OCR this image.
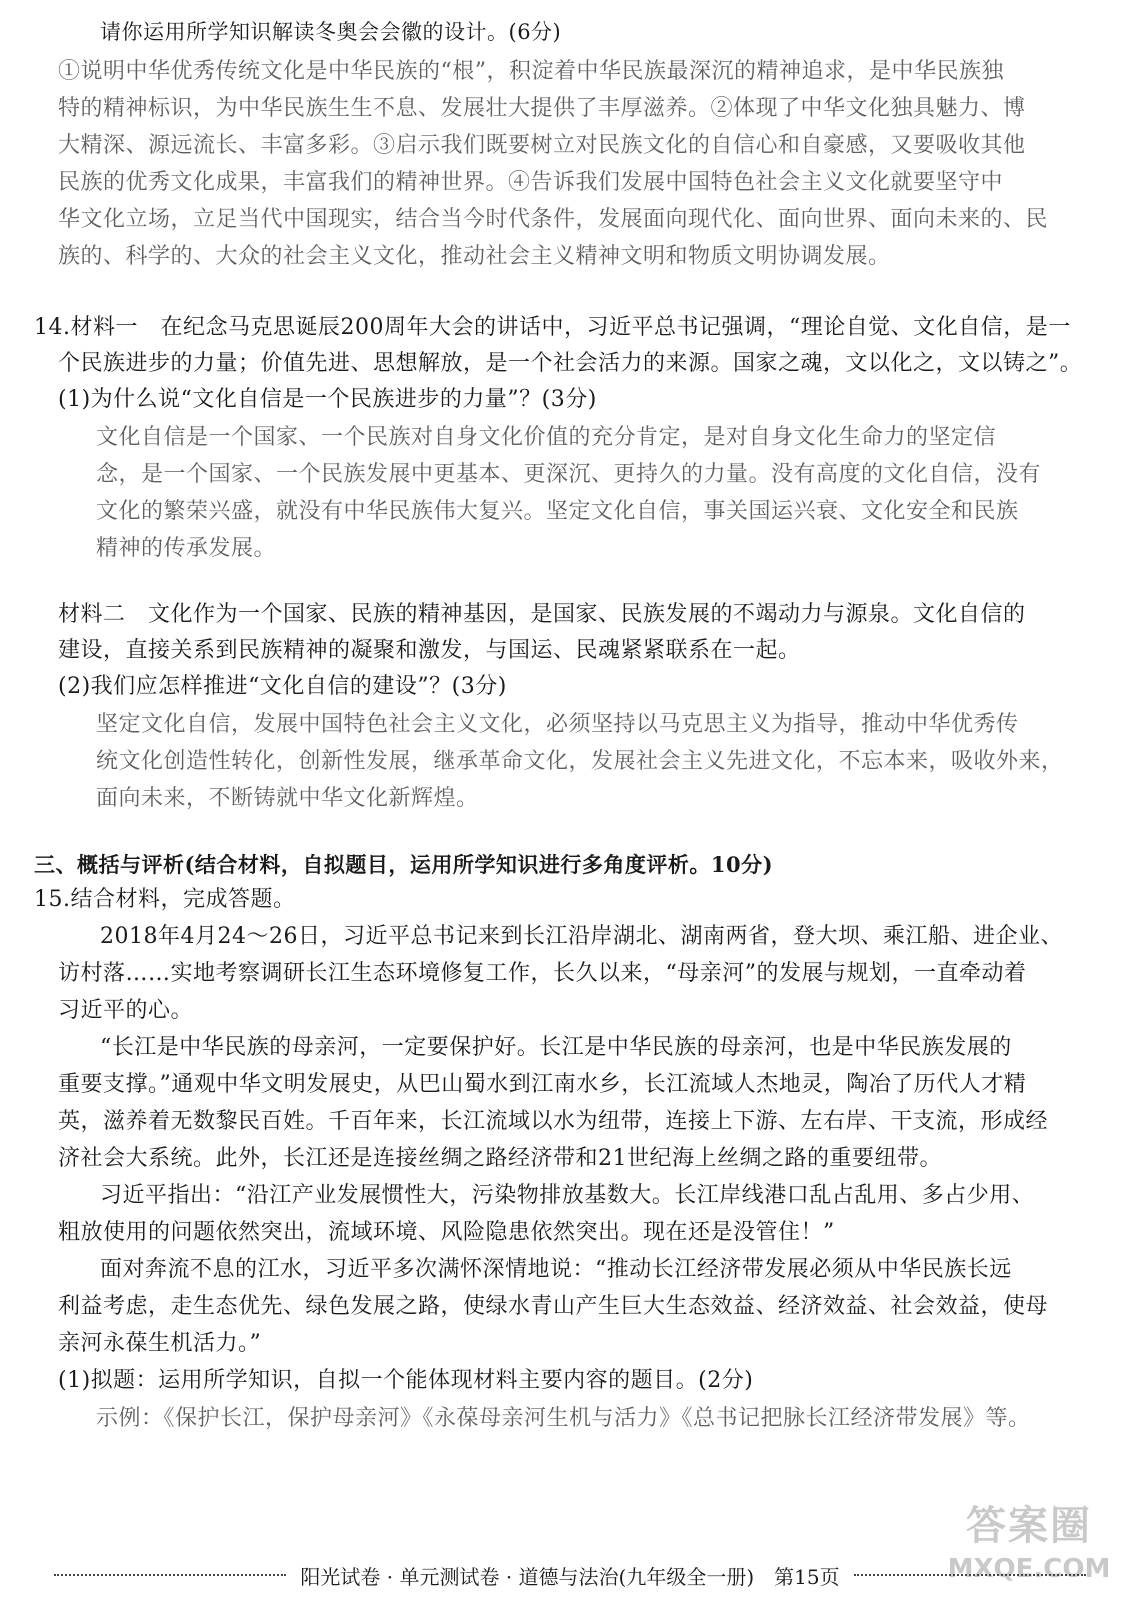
请你运用所学知识解读冬奥会会徽的设计。(6分)
①说明中华优秀传统文化是中华民族的“根”，积淀着中华民族最深沉的精神追求，是中华民族独
特的精神标识，为中华民族生生不息、发展壮大提供了丰厚滋养。②体现了中华文化独具魅力、博
大精深、源远流长、丰富多彩。③启示我们既要树立对民族文化的自信心和自豪感，又要吸收其他
民族的优秀文化成果，丰富我们的精神世界。④告诉我们发展中国特色社会主义文化就要坚守中
华文化立场，立足当代中国现实，结合当今时代条件，发展面向现代化、面向世界、面向未来的、民
族的、科学的、大众的社会主义文化，推动社会主义精神文明和物质文明协调发展。
14.材料一　在纪念马克思诞辰200周年大会的讲话中，习近平总书记强调，“理论自觉、文化自信，是一
个民族进步的力量；价值先进、思想解放，是一个社会活力的来源。国家之魂，文以化之，文以铸之”。
(1)为什么说“文化自信是一个民族进步的力量”？(3分)
文化自信是一个国家、一个民族对自身文化价值的充分肯定，是对自身文化生命力的坚定信
念，是一个国家、一个民族发展中更基本、更深沉、更持久的力量。没有高度的文化自信，没有
文化的繁荣兴盛，就没有中华民族伟大复兴。坚定文化自信，事关国运兴衰、文化安全和民族
精神的传承发展。
材料二　文化作为一个国家、民族的精神基因，是国家、民族发展的不竭动力与源泉。文化自信的
建设，直接关系到民族精神的凝聚和激发，与国运、民魂紧紧联系在一起。
(2)我们应怎样推进“文化自信的建设”？(3分)
坚定文化自信，发展中国特色社会主义文化，必须坚持以马克思主义为指导，推动中华优秀传
统文化创造性转化，创新性发展，继承革命文化，发展社会主义先进文化，不忘本来，吸收外来，
面向未来，不断铸就中华文化新辉煌。
三、概括与评析(结合材料，自拟题目，运用所学知识进行多角度评析。10分)
15.结合材料，完成答题。
2018年4月24～26日，习近平总书记来到长江沿岸湖北、湖南两省，登大坝、乘江船、进企业、
访村落……实地考察调研长江生态环境修复工作，长久以来，“母亲河”的发展与规划，一直牵动着
习近平的心。
“长江是中华民族的母亲河，一定要保护好。长江是中华民族的母亲河，也是中华民族发展的
重要支撑。”通观中华文明发展史，从巴山蜀水到江南水乡，长江流域人杰地灵，陶冶了历代人才精
英，滋养着无数黎民百姓。千百年来，长江流域以水为纽带，连接上下游、左右岸、干支流，形成经
济社会大系统。此外，长江还是连接丝绸之路经济带和21世纪海上丝绸之路的重要纽带。
习近平指出：“沿江产业发展惯性大，污染物排放基数大。长江岸线港口乱占乱用、多占少用、
粗放使用的问题依然突出，流域环境、风险隐患依然突出。现在还是没管住！”
面对奔流不息的江水，习近平多次满怀深情地说：“推动长江经济带发展必须从中华民族长远
利益考虑，走生态优先、绿色发展之路，使绿水青山产生巨大生态效益、经济效益、社会效益，使母
亲河永葆生机活力。”
(1)拟题：运用所学知识，自拟一个能体现材料主要内容的题目。(2分)
示例：《保护长江，保护母亲河》《永葆母亲河生机与活力》《总书记把脉长江经济带发展》等。
答案圈
MXQE.COM
阳光试卷 · 单元测试卷 · 道德与法治(九年级全一册)　第15页
